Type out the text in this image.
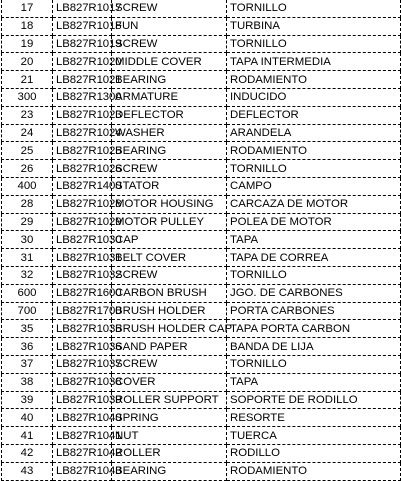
17	LB827R1017	SCREW	TORNILLO
18	LB827R1018	FUN	TURBINA
19	LB827R1019	SCREW	TORNILLO
20	LB827R1020	MIDDLE COVER	TAPA INTERMEDIA
21	LB827R1021	BEARING	RODAMIENTO
300	LB827R1300	ARMATURE	INDUCIDO
23	LB827R1023	DEFLECTOR	DEFLECTOR
24	LB827R1024	WASHER	ARANDELA
25	LB827R1025	BEARING	RODAMIENTO
26	LB827R1026	SCREW	TORNILLO
400	LB827R1400	STATOR	CAMPO
28	LB827R1028	MOTOR HOUSING	CARCAZA DE MOTOR
29	LB827R1029	MOTOR PULLEY	POLEA DE MOTOR
30	LB827R1030	CAP	TAPA
31	LB827R1031	BELT COVER	TAPA DE CORREA
32	LB827R1032	SCREW	TORNILLO
600	LB827R1600	CARBON BRUSH	JGO. DE CARBONES
700	LB827R1700	BRUSH HOLDER	PORTA CARBONES
35	LB827R1035	BRUSH HOLDER CAP	TAPA PORTA CARBON
36	LB827R1036	SAND PAPER	BANDA DE LIJA
37	LB827R1037	SCREW	TORNILLO
38	LB827R1038	COVER	TAPA
39	LB827R1039	ROLLER SUPPORT	SOPORTE DE RODILLO
40	LB827R1040	SPRING	RESORTE
41	LB827R1041	NUT	TUERCA
42	LB827R1042	ROLLER	RODILLO
43	LB827R1043	BEARING	RODAMIENTO
